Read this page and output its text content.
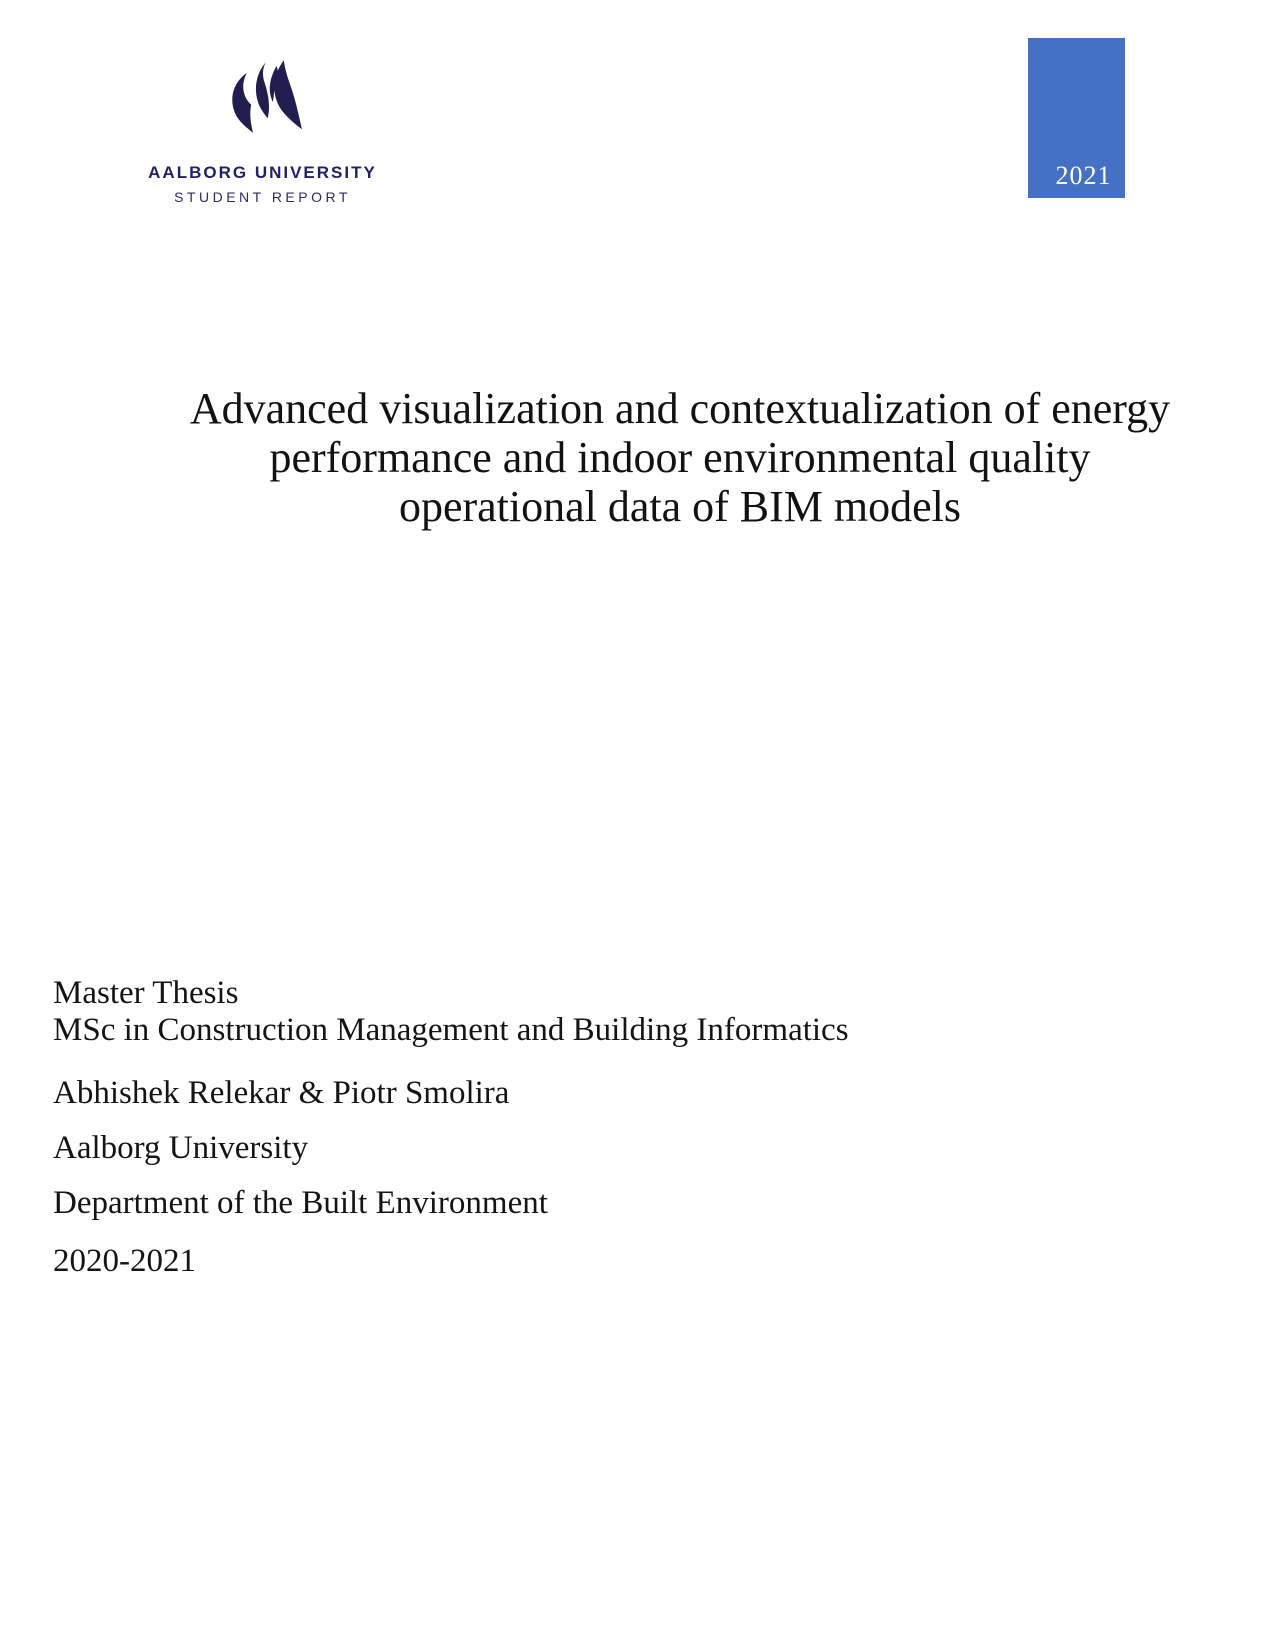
AALBORG UNIVERSITY
STUDENT REPORT
2021
Advanced visualization and contextualization of energy
performance and indoor environmental quality
operational data of BIM models

Master Thesis
MSc in Construction Management and Building Informatics

Abhishek Relekar & Piotr Smolira

Aalborg University

Department of the Built Environment

2020-2021
